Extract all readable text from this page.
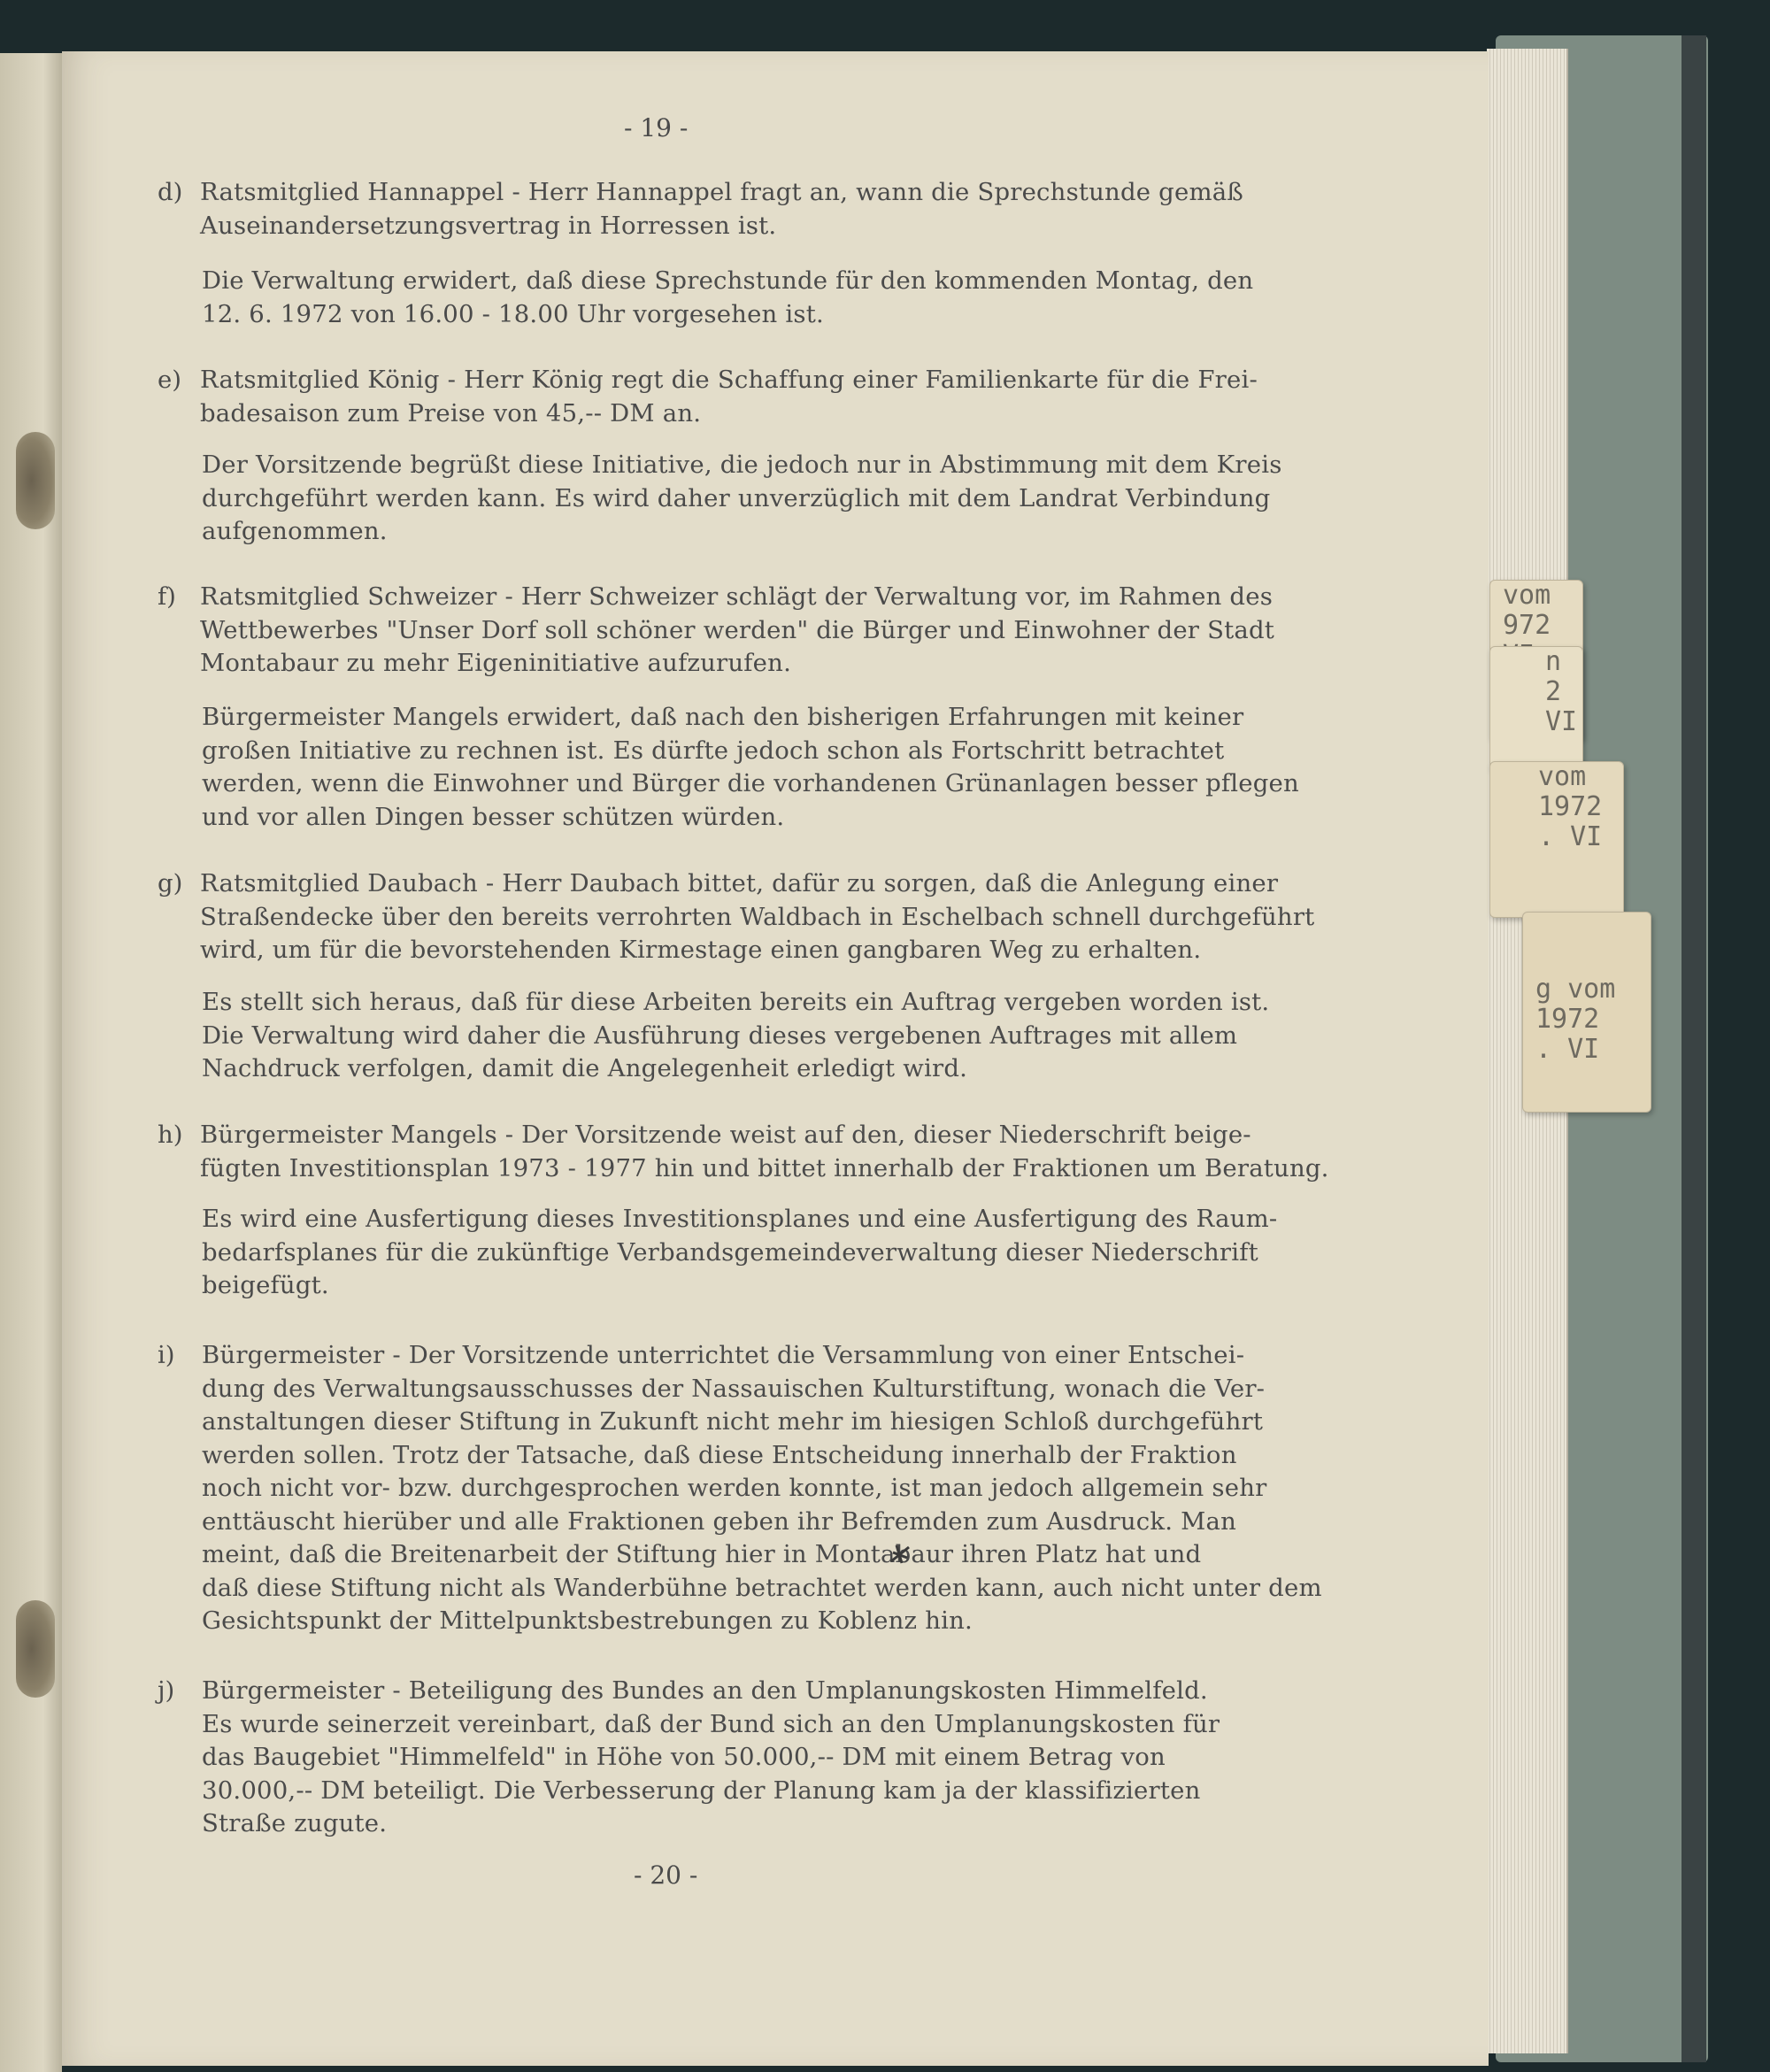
vom
972
n
2
VI
vom
1972
. VI
g vom
1972
. VI
- 19 -
d) Ratsmitglied Hannappel - Herr Hannappel fragt an, wann die Sprechstunde gemäß
Auseinandersetzungsvertrag in Horressen ist.
Die Verwaltung erwidert, daß diese Sprechstunde für den kommenden Montag, den
12. 6. 1972 von 16.00 - 18.00 Uhr vorgesehen ist.
e) Ratsmitglied König - Herr König regt die Schaffung einer Familienkarte für die Frei-
badesaison zum Preise von 45,-- DM an.
Der Vorsitzende begrüßt diese Initiative, die jedoch nur in Abstimmung mit dem Kreis
durchgeführt werden kann. Es wird daher unverzüglich mit dem Landrat Verbindung
aufgenommen.
f) Ratsmitglied Schweizer - Herr Schweizer schlägt der Verwaltung vor, im Rahmen des
Wettbewerbes "Unser Dorf soll schöner werden" die Bürger und Einwohner der Stadt
Montabaur zu mehr Eigeninitiative aufzurufen.
Bürgermeister Mangels erwidert, daß nach den bisherigen Erfahrungen mit keiner
großen Initiative zu rechnen ist. Es dürfte jedoch schon als Fortschritt betrachtet
werden, wenn die Einwohner und Bürger die vorhandenen Grünanlagen besser pflegen
und vor allen Dingen besser schützen würden.
g) Ratsmitglied Daubach - Herr Daubach bittet, dafür zu sorgen, daß die Anlegung einer
Straßendecke über den bereits verrohrten Waldbach in Eschelbach schnell durchgeführt
wird, um für die bevorstehenden Kirmestage einen gangbaren Weg zu erhalten.
Es stellt sich heraus, daß für diese Arbeiten bereits ein Auftrag vergeben worden ist.
Die Verwaltung wird daher die Ausführung dieses vergebenen Auftrages mit allem
Nachdruck verfolgen, damit die Angelegenheit erledigt wird.
h) Bürgermeister Mangels - Der Vorsitzende weist auf den, dieser Niederschrift beige-
fügten Investitionsplan 1973 - 1977 hin und bittet innerhalb der Fraktionen um Beratung.
Es wird eine Ausfertigung dieses Investitionsplanes und eine Ausfertigung des Raum-
bedarfsplanes für die zukünftige Verbandsgemeindeverwaltung dieser Niederschrift
beigefügt.
i) Bürgermeister - Der Vorsitzende unterrichtet die Versammlung von einer Entschei-
dung des Verwaltungsausschusses der Nassauischen Kulturstiftung, wonach die Ver-
anstaltungen dieser Stiftung in Zukunft nicht mehr im hiesigen Schloß durchgeführt
werden sollen. Trotz der Tatsache, daß diese Entscheidung innerhalb der Fraktion
noch nicht vor- bzw. durchgesprochen werden konnte, ist man jedoch allgemein sehr
enttäuscht hierüber und alle Fraktionen geben ihr Befremden zum Ausdruck. Man
meint, daß die Breitenarbeit der Stiftung hier in Montabaur ihren Platz hat und
daß diese Stiftung nicht als Wanderbühne betrachtet werden kann, auch nicht unter dem
Gesichtspunkt der Mittelpunktsbestrebungen zu Koblenz hin.
j) Bürgermeister - Beteiligung des Bundes an den Umplanungskosten Himmelfeld.
Es wurde seinerzeit vereinbart, daß der Bund sich an den Umplanungskosten für
das Baugebiet "Himmelfeld" in Höhe von 50.000,-- DM mit einem Betrag von
30.000,-- DM beteiligt. Die Verbesserung der Planung kam ja der klassifizierten
Straße zugute.
- 20 -
